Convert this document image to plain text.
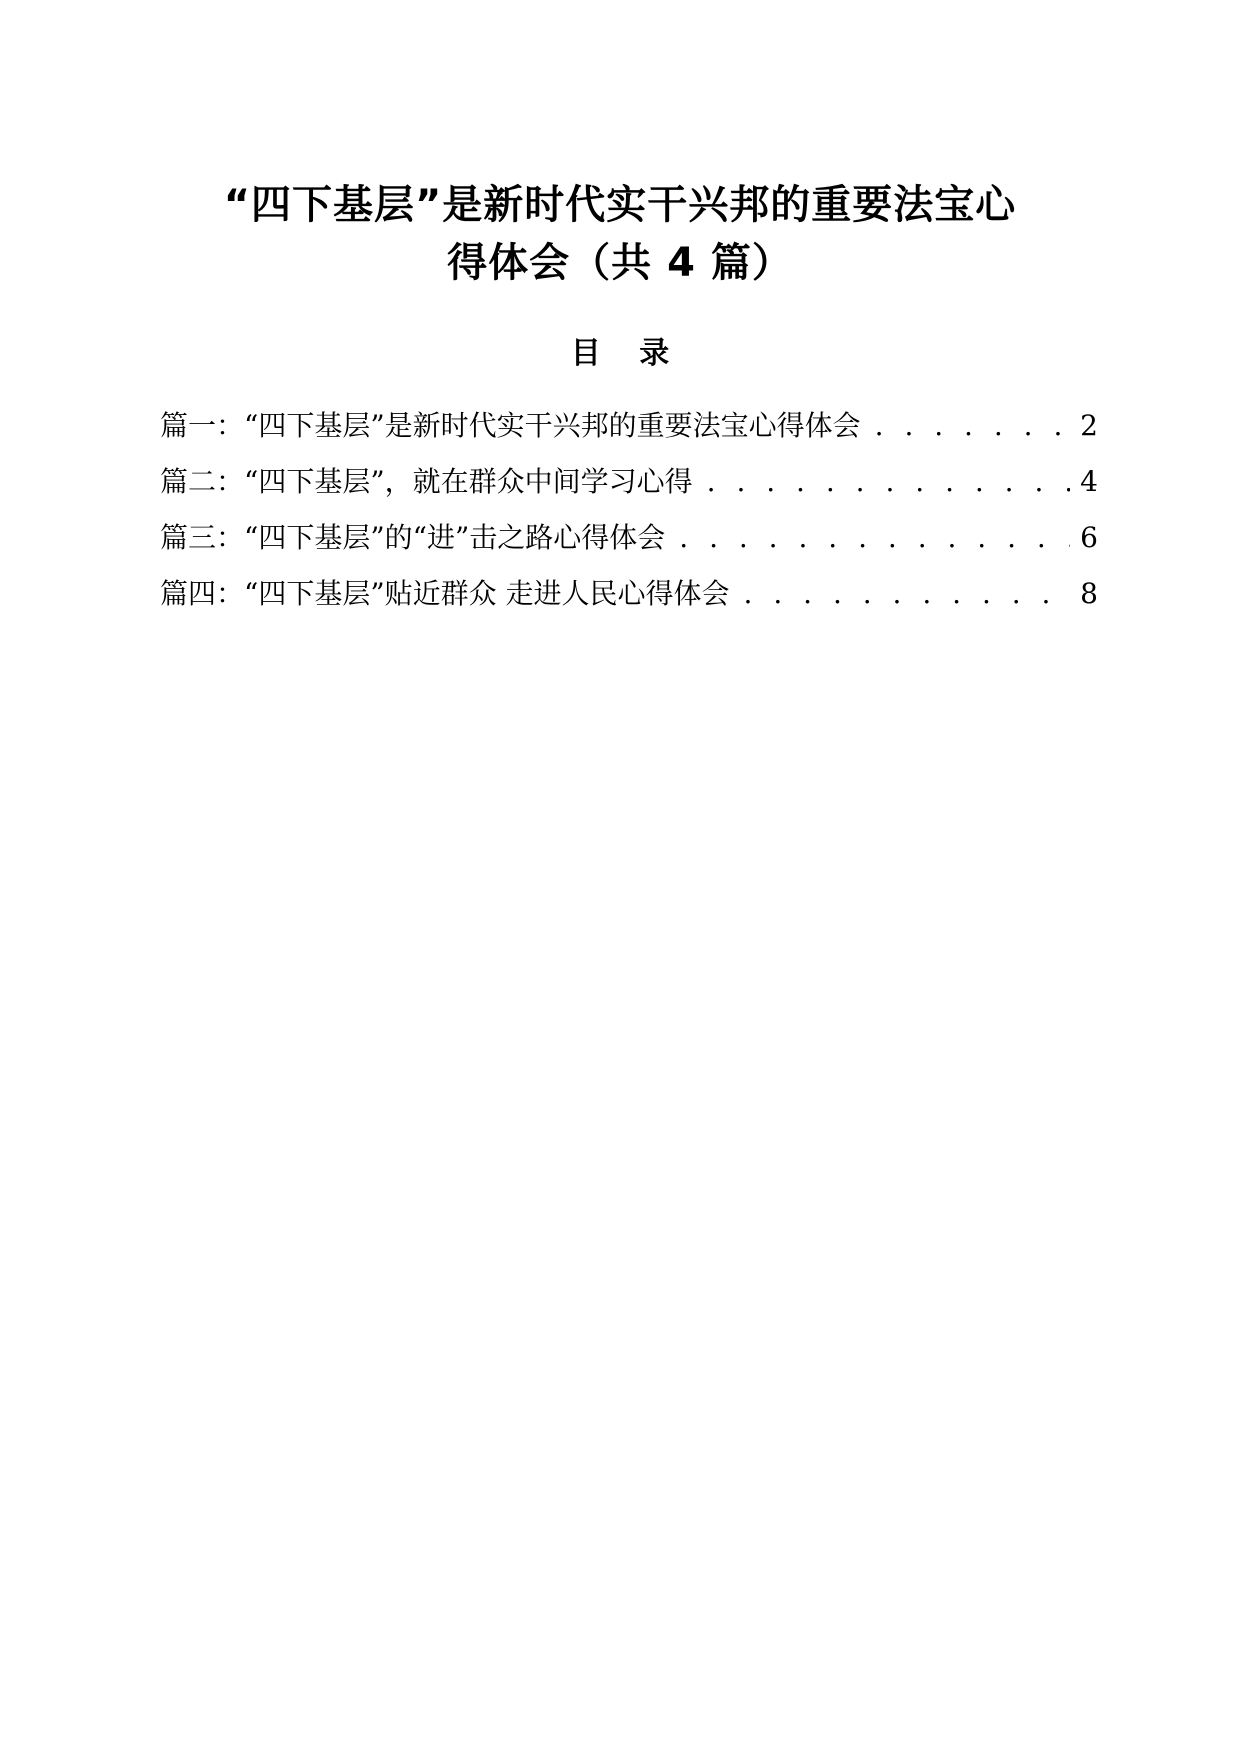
“四下基层”是新时代实干兴邦的重要法宝心
得体会（共 4 篇）
目 录
篇一： “四下基层”是新时代实干兴邦的重要法宝心得体会 . . .	2
篇二： “四下基层”，就在群众中间学习心得 . . .	4
篇三： “四下基层”的“进”击之路心得体会 . . .	6
篇四： “四下基层”贴近群众 走进人民心得体会 . . .	8
